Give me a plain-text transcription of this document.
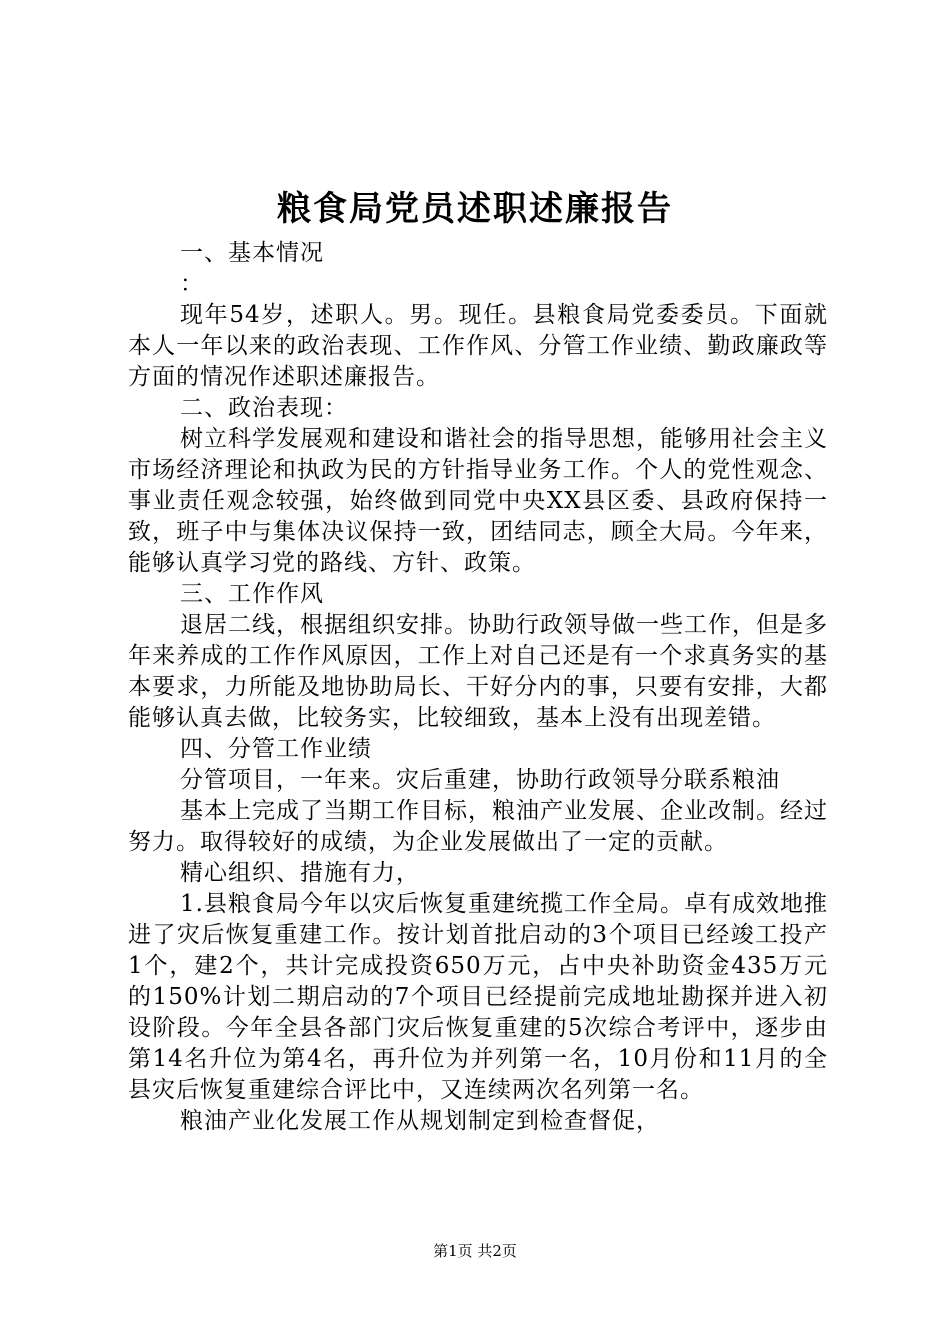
粮食局党员述职述廉报告

一、基本情况

：

现年54岁，述职人。男。现任。县粮食局党委委员。下面就本人一年以来的政治表现、工作作风、分管工作业绩、勤政廉政等方面的情况作述职述廉报告。

二、政治表现：

树立科学发展观和建设和谐社会的指导思想，能够用社会主义市场经济理论和执政为民的方针指导业务工作。个人的党性观念、事业责任观念较强，始终做到同党中央XX县区委、县政府保持一致，班子中与集体决议保持一致，团结同志，顾全大局。今年来，能够认真学习党的路线、方针、政策。

三、工作作风

退居二线，根据组织安排。协助行政领导做一些工作，但是多年来养成的工作作风原因，工作上对自己还是有一个求真务实的基本要求，力所能及地协助局长、干好分内的事，只要有安排，大都能够认真去做，比较务实，比较细致，基本上没有出现差错。

四、分管工作业绩

分管项目，一年来。灾后重建，协助行政领导分联系粮油

基本上完成了当期工作目标，粮油产业发展、企业改制。经过努力。取得较好的成绩，为企业发展做出了一定的贡献。

精心组织、措施有力，

1.县粮食局今年以灾后恢复重建统揽工作全局。卓有成效地推进了灾后恢复重建工作。按计划首批启动的3个项目已经竣工投产1个，建2个，共计完成投资650万元，占中央补助资金435万元的150%计划二期启动的7个项目已经提前完成地址勘探并进入初设阶段。今年全县各部门灾后恢复重建的5次综合考评中，逐步由第14名升位为第4名，再升位为并列第一名，10月份和11月的全县灾后恢复重建综合评比中，又连续两次名列第一名。

粮油产业化发展工作从规划制定到检查督促，

第1页 共2页
